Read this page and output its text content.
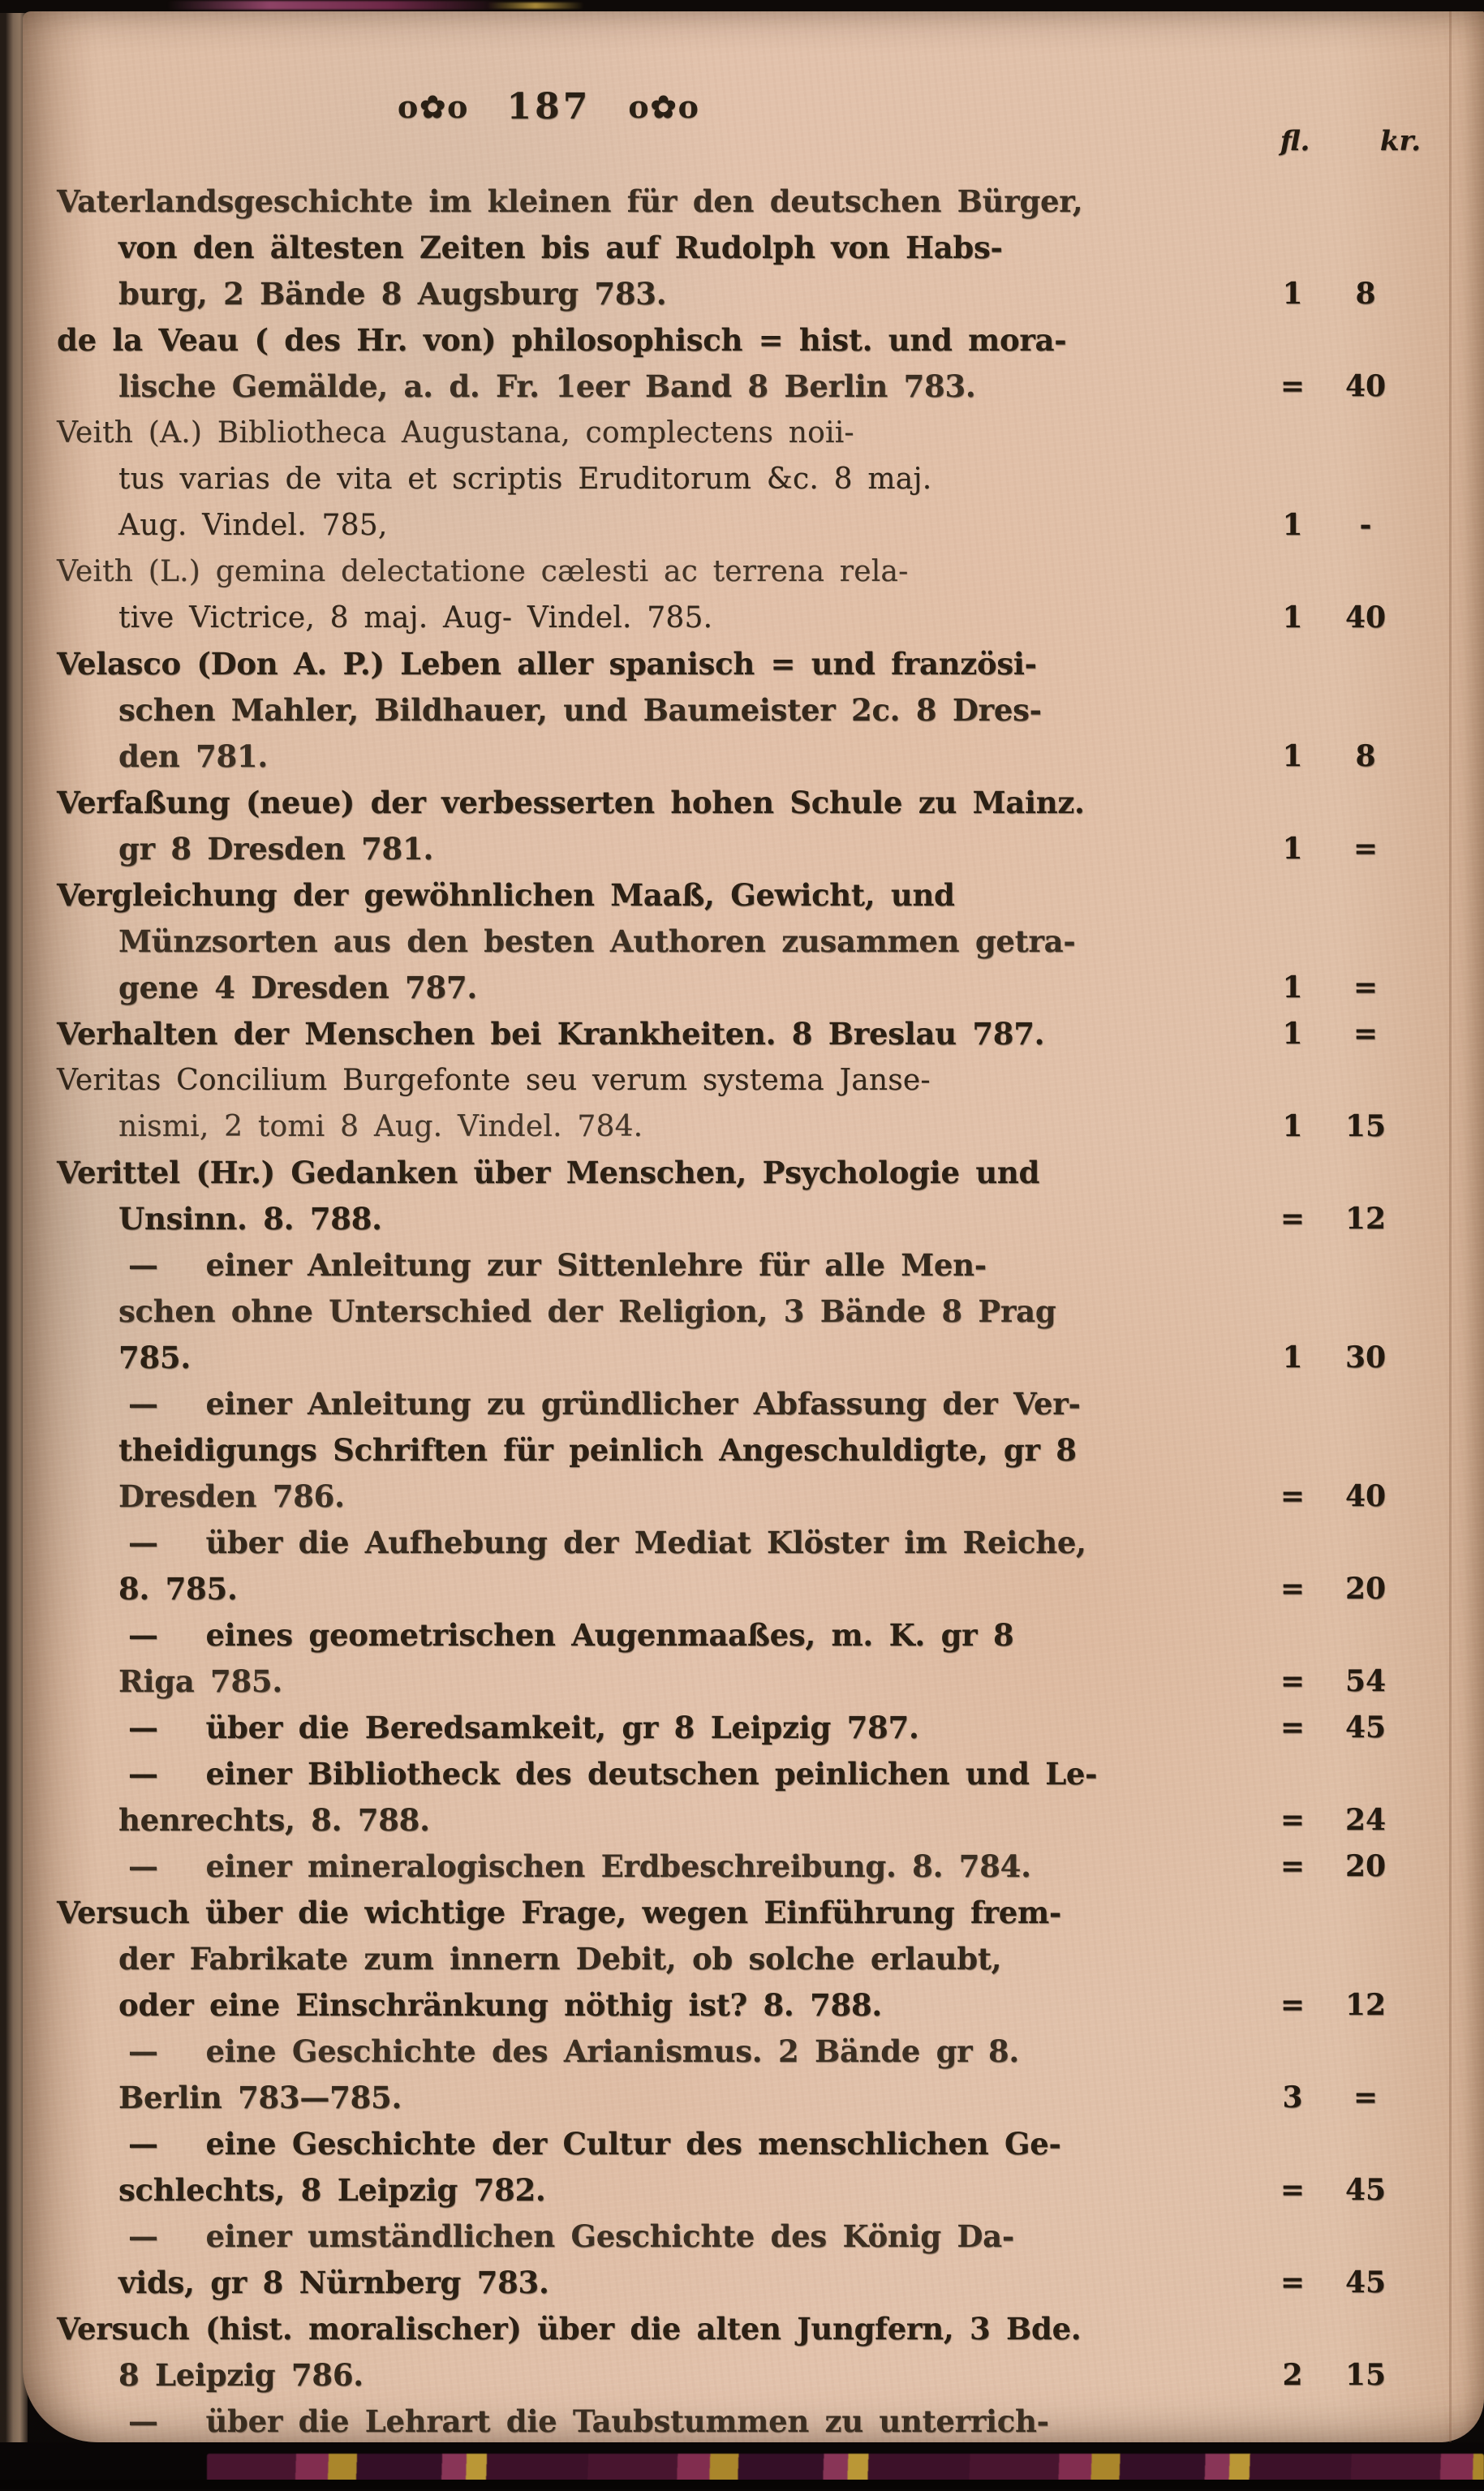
o✿o 187 o✿o
fl.	kr.
Vaterlandsgeschichte im kleinen für den deutschen Bürger,
von den ältesten Zeiten bis auf Rudolph von Habs-
burg, 2 Bände 8 Augsburg 783.	1	8
de la Veau ( des Hr. von) philosophisch = hist. und mora-
lische Gemälde, a. d. Fr. 1eer Band 8 Berlin 783.	=	40
Veith (A.) Bibliotheca Augustana, complectens noii-
tus varias de vita et scriptis Eruditorum &c. 8 maj.
Aug. Vindel. 785,	1	-
Veith (L.) gemina delectatione cælesti ac terrena rela-
tive Victrice, 8 maj. Aug- Vindel. 785.	1	40
Velasco (Don A. P.) Leben aller spanisch = und französi-
schen Mahler, Bildhauer, und Baumeister 2c. 8 Dres-
den 781.	1	8
Verfaßung (neue) der verbesserten hohen Schule zu Mainz.
gr 8 Dresden 781.	1	=
Vergleichung der gewöhnlichen Maaß, Gewicht, und
Münzsorten aus den besten Authoren zusammen getra-
gene 4 Dresden 787.	1	=
Verhalten der Menschen bei Krankheiten. 8 Breslau 787.	1	=
Veritas Concilium Burgefonte seu verum systema Janse-
nismi, 2 tomi 8 Aug. Vindel. 784.	1	15
Verittel (Hr.) Gedanken über Menschen, Psychologie und
Unsinn. 8. 788.	=	12
—   einer Anleitung zur Sittenlehre für alle Men-
schen ohne Unterschied der Religion, 3 Bände 8 Prag
785.	1	30
—   einer Anleitung zu gründlicher Abfassung der Ver-
theidigungs Schriften für peinlich Angeschuldigte, gr 8
Dresden 786.	=	40
—   über die Aufhebung der Mediat Klöster im Reiche,
8. 785.	=	20
—   eines geometrischen Augenmaaßes, m. K. gr 8
Riga 785.	=	54
—   über die Beredsamkeit, gr 8 Leipzig 787.	=	45
—   einer Bibliotheck des deutschen peinlichen und Le-
henrechts, 8. 788.	=	24
—   einer mineralogischen Erdbeschreibung. 8. 784.	=	20
Versuch über die wichtige Frage, wegen Einführung frem-
der Fabrikate zum innern Debit, ob solche erlaubt,
oder eine Einschränkung nöthig ist? 8. 788.	=	12
—   eine Geschichte des Arianismus. 2 Bände gr 8.
Berlin 783—785.	3	=
—   eine Geschichte der Cultur des menschlichen Ge-
schlechts, 8 Leipzig 782.	=	45
—   einer umständlichen Geschichte des König Da-
vids, gr 8 Nürnberg 783.	=	45
Versuch (hist. moralischer) über die alten Jungfern, 3 Bde.
8 Leipzig 786.	2	15
—   über die Lehrart die Taubstummen zu unterrich-
